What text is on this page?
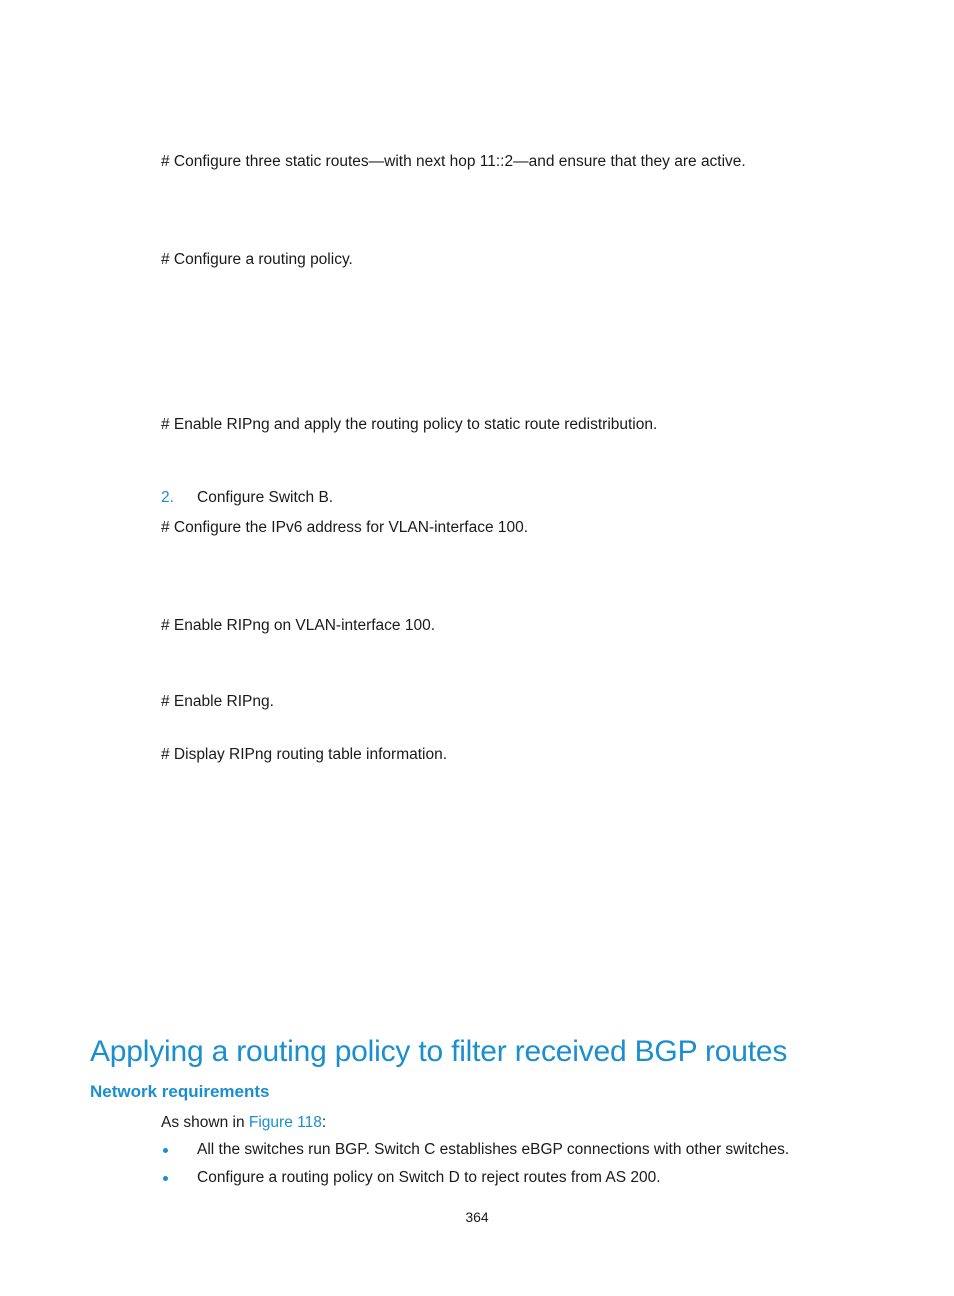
# Configure three static routes—with next hop 11::2—and ensure that they are active.
# Configure a routing policy.
# Enable RIPng and apply the routing policy to static route redistribution.
2. Configure Switch B.
# Configure the IPv6 address for VLAN-interface 100.
# Enable RIPng on VLAN-interface 100.
# Enable RIPng.
# Display RIPng routing table information.
Applying a routing policy to filter received BGP routes
Network requirements
As shown in Figure 118:
All the switches run BGP. Switch C establishes eBGP connections with other switches.
Configure a routing policy on Switch D to reject routes from AS 200.
364
